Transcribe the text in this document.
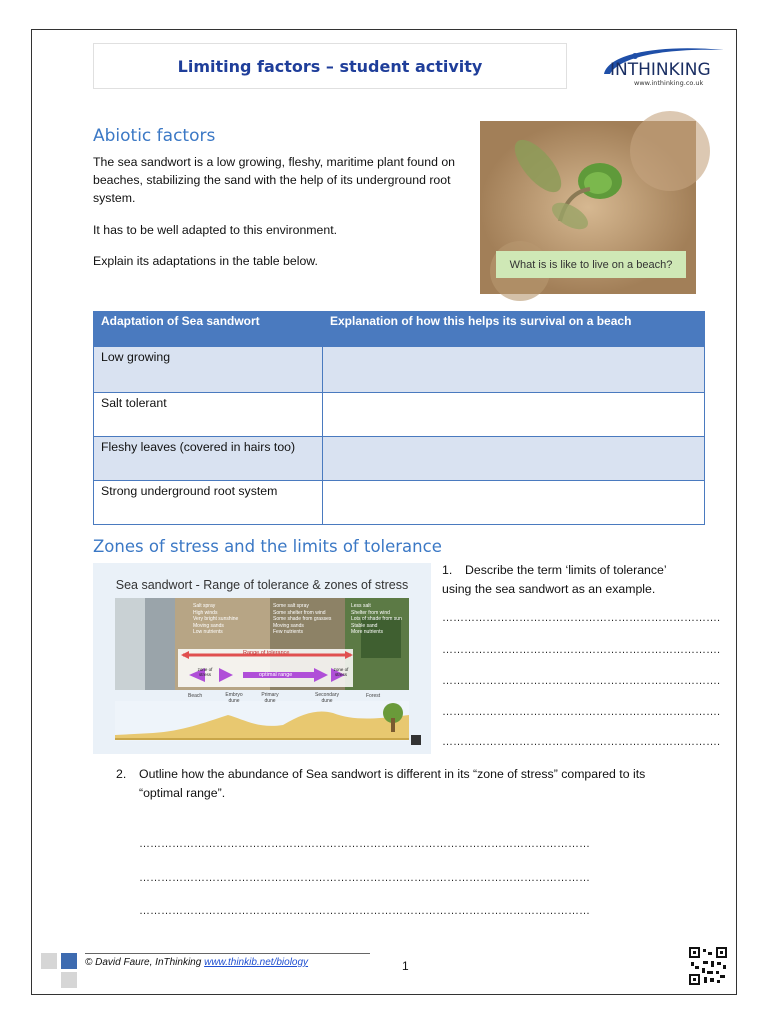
Limiting factors – student activity	INTHINKING
www.inthinking.co.uk
Abiotic factors

The sea sandwort is a low growing, fleshy, maritime plant found on beaches, stabilizing the sand with the help of its underground root system.

It has to be well adapted to this environment.

Explain its adaptations in the table below.	What is is like to live on a beach?
Adaptation of Sea sandwort	Explanation of how this helps its survival on a beach
Low growing	
Salt tolerant	
Fleshy leaves (covered in hairs too)	
Strong underground root system	
Zones of stress and the limits of tolerance
Sea sandwort - Range of tolerance & zones of stress
Salt spray
High winds
Very bright sunshine
Moving sands
Low nutrients
Some salt spray
Some shelter from wind
Some shade from grasses
Moving sands
Few nutrients
Less salt
Shelter from wind
Lots of shade from sun
Stable sand
More nutrients
Range of tolerance
optimal range
zone of stress
zone of stress
Beach	Embryo dune
Primary dune
Secondary dune
Forest
1. Describe the term ‘limits of tolerance’
using the sea sandwort as an example.
………………………………………………………………….
………………………………………………………………….
………………………………………………………………….
………………………………………………………………….
………………………………………………………………….
2. Outline how the abundance of Sea sandwort is different in its “zone of stress” compared to its
“optimal range”.
……………………………………………………………………………………………………………
……………………………………………………………………………………………………………
……………………………………………………………………………………………………………
© David Faure, InThinking www.thinkib.net/biology	1
